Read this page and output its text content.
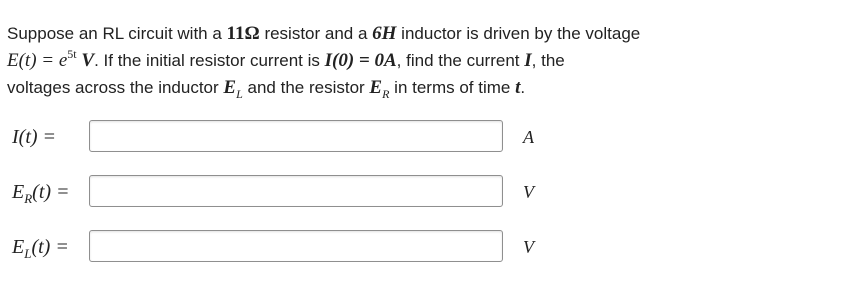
Suppose an RL circuit with a 11Ω resistor and a 6H inductor is driven by the voltage
$E(t) = e^{5t}$ V. If the initial resistor current is I(0) = 0A, find the current I, the
voltages across the inductor $E_L$ and the resistor $E_R$ in terms of time t.
I(t) =	A
$E_R(t)$ =	V
$E_L(t)$ =	V
